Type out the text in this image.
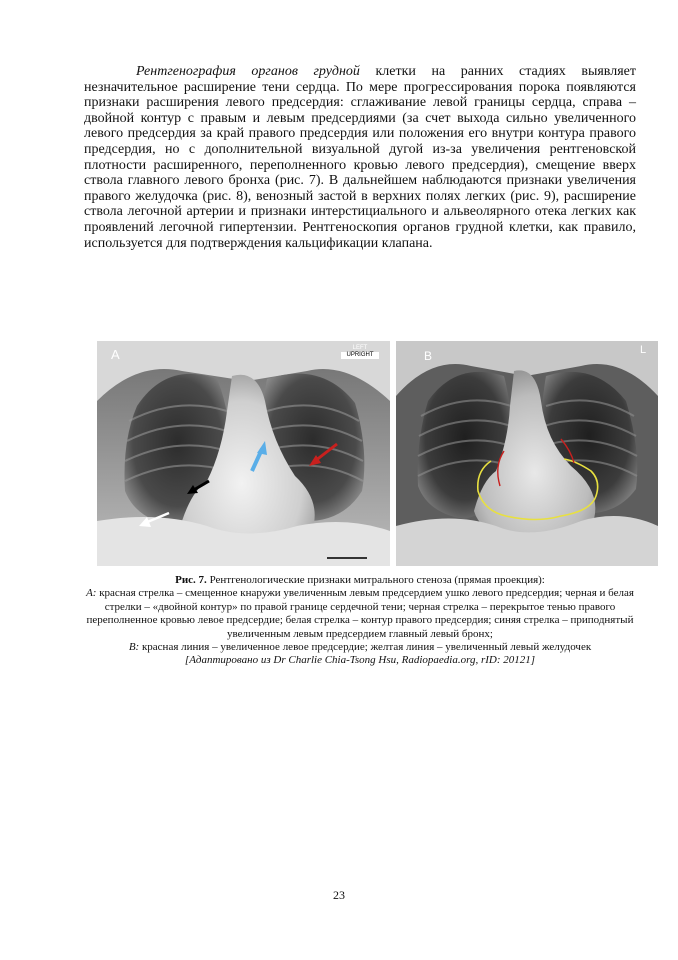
Рентгенография органов грудной клетки на ранних стадиях выявляет незначительное расширение тени сердца. По мере прогрессирования порока появляются признаки расширения левого предсердия: сглаживание левой границы сердца, справа – двойной контур с правым и левым предсердиями (за счет выхода сильно увеличенного левого предсердия за край правого предсердия или положения его внутри контура правого предсердия, но с дополнительной визуальной дугой из-за увеличения рентгеновской плотности расширенного, переполненного кровью левого предсердия), смещение вверх ствола главного левого бронха (рис. 7). В дальнейшем наблюдаются признаки увеличения правого желудочка (рис. 8), венозный застой в верхних полях легких (рис. 9), расширение ствола легочной артерии и признаки интерстициального и альвеолярного отека легких как проявлений легочной гипертензии. Рентгеноскопия органов грудной клетки, как правило, используется для подтверждения кальцификации клапана.

A	LEFT
UPRIGHT	B	L

Рис. 7. Рентгенологические признаки митрального стеноза (прямая проекция):
А: красная стрелка – смещенное кнаружи увеличенным левым предсердием ушко левого предсердия; черная и белая стрелки – «двойной контур» по правой границе сердечной тени; черная стрелка – перекрытое тенью правого переполненное кровью левое предсердие; белая стрелка – контур правого предсердия; синяя стрелка – приподнятый увеличенным левым предсердием главный левый бронх;
В: красная линия – увеличенное левое предсердие; желтая линия – увеличенный левый желудочек
[Адаптировано из Dr Charlie Chia-Tsong Hsu, Radiopaedia.org, rID: 20121]

23
